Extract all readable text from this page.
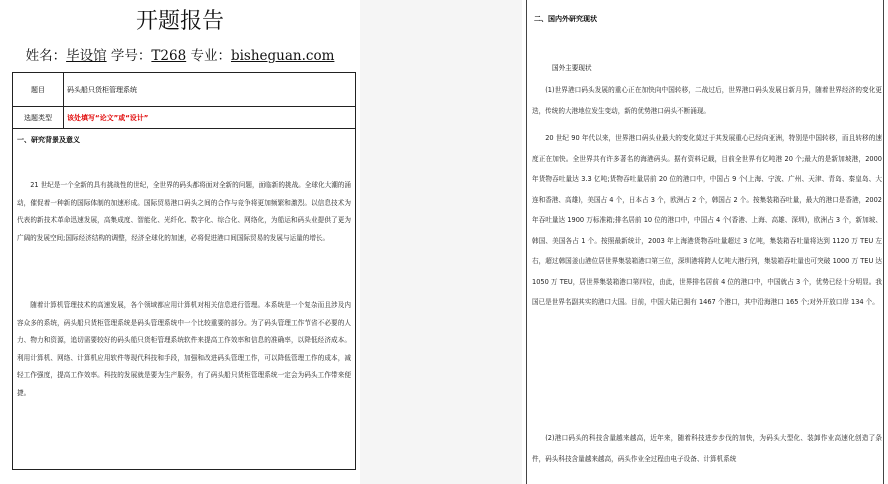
开题报告
姓名：毕设馆 学号：T268 专业：bisheguan.com
题目	码头船只货柜管理系统
选题类型	该处填写“论文”或“设计”
一、研究背景及意义
21 世纪是一个全新的具有挑战性的世纪，全世界的码头都将面对全新的问题，面临新的挑战。全球化大潮的涌动，催促着一种新的国际体制的加速形成。国际贸易港口码头之间的合作与竞争将更加频繁和激烈。以信息技术为代表的新技术革命迅速发展，高集成度、智能化、光纤化、数字化、综合化、网络化，为船运和码头业提供了更为广阔的发展空间;国际经济结构的调整，经济全球化的加速，必将促进港口间国际贸易的发展与运量的增长。
随着计算机管理技术的高速发展，各个领域都应用计算机对相关信息进行管理。本系统是一个复杂而且涉及内容众多的系统，码头船只货柜管理系统是码头管理系统中一个比较重要的部分。为了码头管理工作节省不必要的人力、物力和资源，追切需要较好的码头船只货柜管理系统软件来提高工作效率和信息的准确率，以降低经济成本。利用计算机、网络、计算机应用软件等现代科技和手段，加强和改进码头管理工作，可以降低管理工作的成本，减轻工作强度，提高工作效率。科技的发展就是要为生产服务，有了码头船只货柜管理系统一定会为码头工作带来便捷。
二、国内外研究现状
国外主要现状
(1)世界港口码头发展的重心正在加快向中国转移，二战过后，世界港口码头发展日新月异，随着世界经济的变化更迭，传统的大港地位发生变动，新的优势港口码头不断涌现。
20 世纪 90 年代以来，世界港口码头业最大的变化莫过于其发展重心已经向亚洲，特别是中国转移，而且转移的速度正在加快。全世界共有许多著名的海港码头。据有资料记载，目前全世界有亿吨港 20 个;最大的是新加坡港，2000 年货物吞吐量达 3.3 亿吨;货物吞吐量居前 20 位的港口中，中国占 9 个(上海、宁波、广州、天津、青岛、秦皇岛、大连和香港、高雄)，美国占 4 个，日本占 3 个，欧洲占 2 个，韩国占 2 个。按集装箱吞吐量，最大的港口是香港，2002 年吞吐量达 1900 万标准箱;排名居前 10 位的港口中，中国占 4 个(香港、上海、高雄、深圳)，欧洲占 3 个，新加坡、韩国、美国各占 1 个。按照最新统计，2003 年上海港货物吞吐量超过 3 亿吨，集装箱吞吐量将达到 1120 万 TEU 左右，超过韩国釜山港位居世界集装箱港口第三位，深圳港将跨人亿吨大港行列，集装箱吞吐量也可突破 1000 万 TEU 达 1050 万 TEU，居世界集装箱港口第四位，由此，世界排名居前 4 位的港口中，中国就占 3 个，优势已经十分明显。我国已是世界名副其实的港口大国。目前，中国大陆已拥有 1467 个港口，其中沿海港口 165 个;对外开放口岸 134 个。
(2)港口码头的科技含量越来越高，近年来，随着科技进步步伐的加快，为码头大型化、装卸作业高速化创造了条件，码头科技含量越来越高，码头作业全过程由电子设备、计算机系统
